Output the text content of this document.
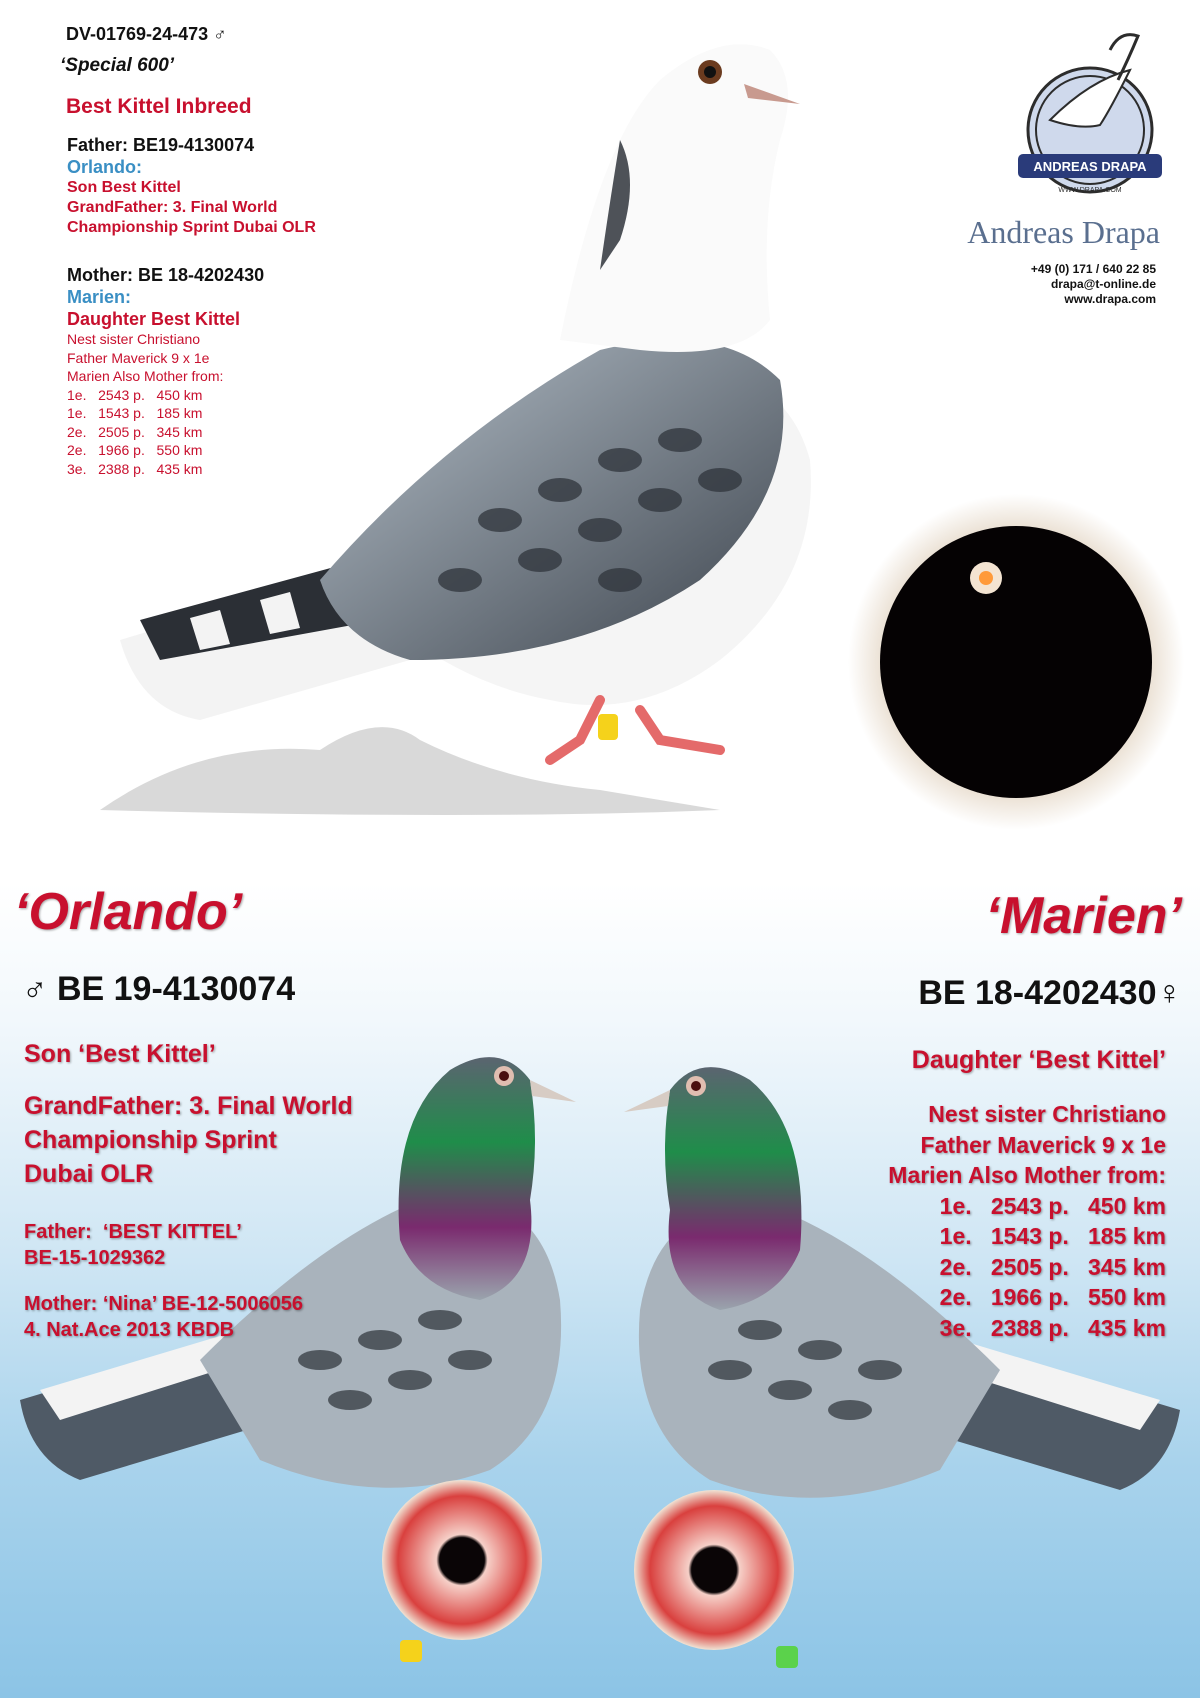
DV-01769-24-473 ♂
‘Special 600’
Best Kittel Inbreed
Father: BE19-4130074
Orlando:
Son Best Kittel
GrandFather: 3. Final World
Championship Sprint Dubai OLR
Mother: BE 18-4202430
Marien:
Daughter Best Kittel
Nest sister Christiano
Father Maverick 9 x 1e
Marien Also Mother from:
1e.   2543 p.   450 km
1e.   1543 p.   185 km
2e.   2505 p.   345 km
2e.   1966 p.   550 km
3e.   2388 p.   435 km
ANDREAS DRAPA
WWW.DRAPA.COM
Andreas Drapa
+49 (0) 171 / 640 22 85
drapa@t-online.de
www.drapa.com
‘Orlando’	‘Marien’
♂ BE 19-4130074	BE 18-4202430♀
Son ‘Best Kittel’
GrandFather: 3. Final World
Championship Sprint
Dubai OLR
Father:  ‘BEST KITTEL’
BE-15-1029362
Mother: ‘Nina’ BE-12-5006056
4. Nat.Ace 2013 KBDB
Daughter ‘Best Kittel’
Nest sister Christiano
Father Maverick 9 x 1e
Marien Also Mother from:
1e.   2543 p.   450 km
1e.   1543 p.   185 km
2e.   2505 p.   345 km
2e.   1966 p.   550 km
3e.   2388 p.   435 km
